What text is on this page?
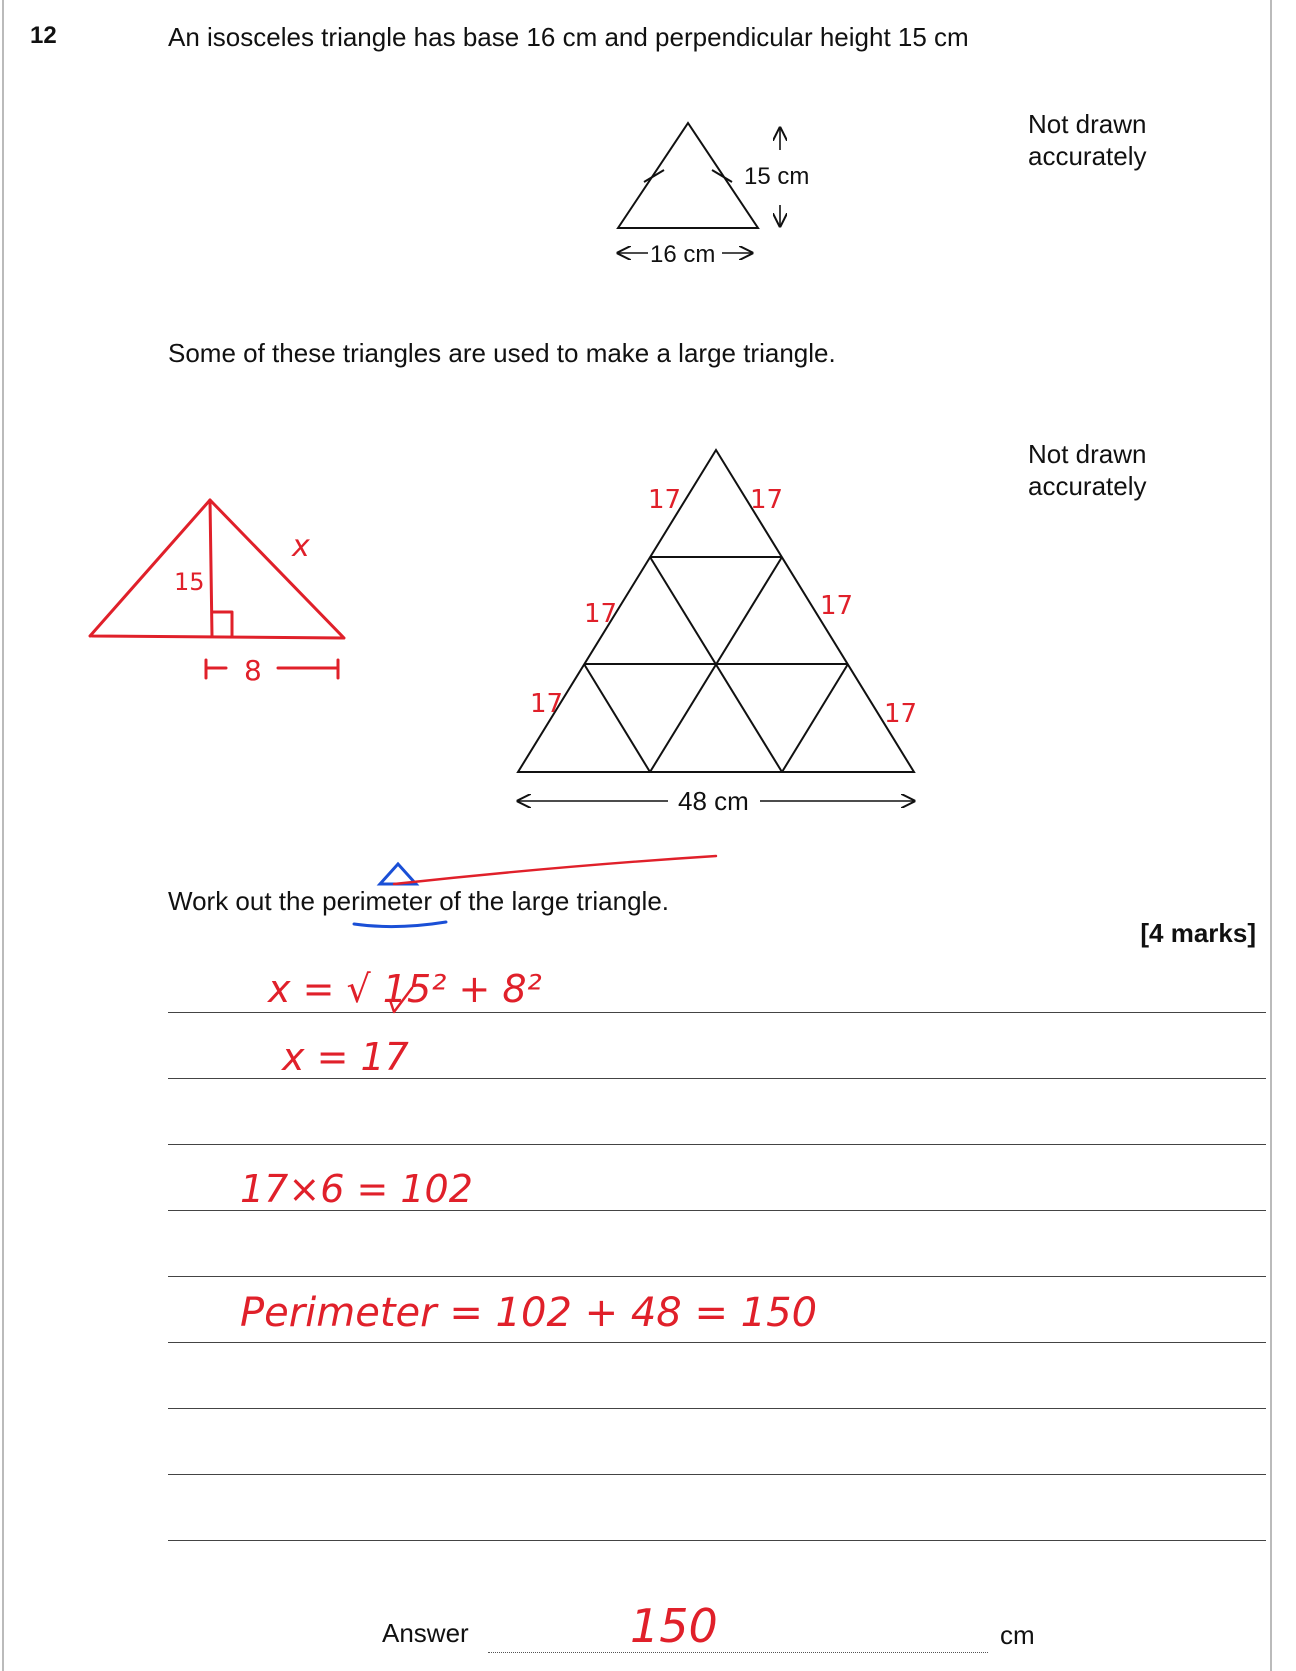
12	An isosceles triangle has base 16 cm and perpendicular height 15 cm
Not drawn accurately
Some of these triangles are used to make a large triangle.
Not drawn accurately
Work out the perimeter of the large triangle.
[4 marks]
Answer	cm
15 cm
16 cm
48 cm
15
x
8
17	17
17	17
17	17
x = √ 15² + 8²
x = 17
17×6 = 102
Perimeter = 102 + 48 = 150
150
